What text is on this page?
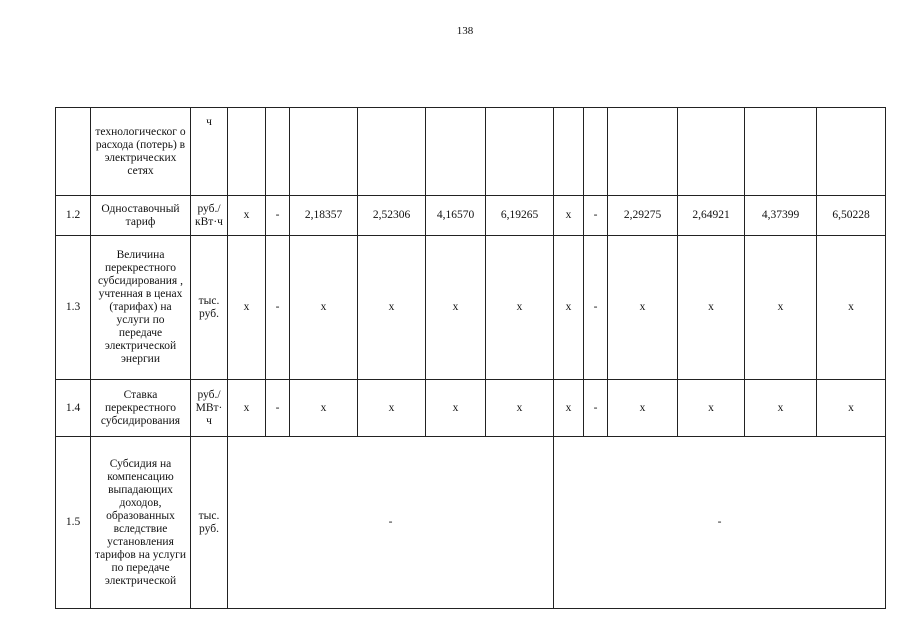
138
	технологическог о расхода (потерь) в электрических сетях	ч												
1.2	Одноставочный тариф	руб./ кВт·ч	х	-	2,18357	2,52306	4,16570	6,19265	х	-	2,29275	2,64921	4,37399	6,50228
1.3	Величина перекрестного субсидирования , учтенная в ценах (тарифах) на услуги по передаче электрической энергии	тыс. руб.	х	-	х	х	х	х	х	-	х	х	х	х
1.4	Ставка перекрестного субсидирования	руб./ МВт· ч	х	-	х	х	х	х	х	-	х	х	х	х
1.5	Субсидия на компенсацию выпадающих доходов, образованных вследствие установления тарифов на услуги по передаче электрической	тыс. руб.	-						-					
